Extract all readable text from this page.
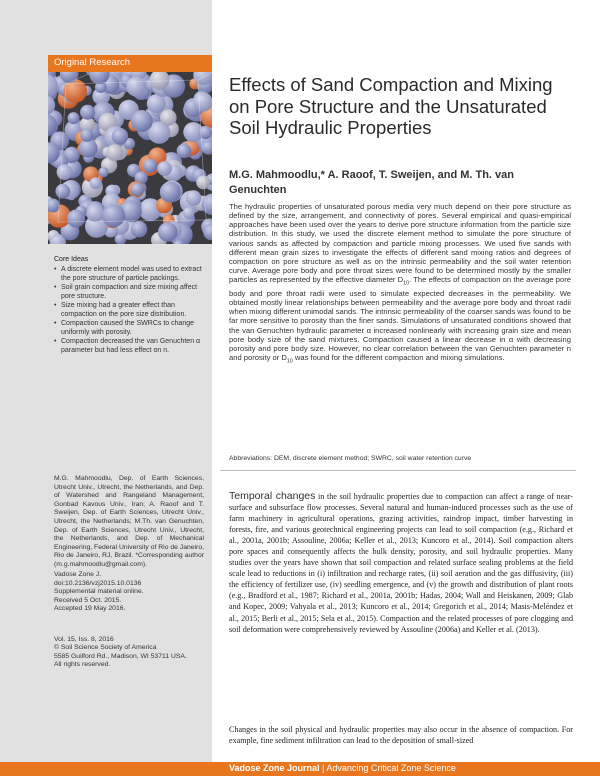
Original Research
Core Ideas
• A discrete element model was used to extract the pore structure of particle packings.
• Soil grain compaction and size mixing affect pore structure.
• Size mixing had a greater effect than compaction on the pore size distribution.
• Compaction caused the SWRCs to change uniformly with porosity.
• Compaction decreased the van Genuchten α parameter but had less effect on n.

M.G. Mahmoodlu, Dep. of Earth Sciences, Utrecht Univ., Utrecht, the Netherlands, and Dep. of Watershed and Rangeland Management, Gonbad Kavous Univ., Iran; A. Raoof and T. Sweijen, Dep. of Earth Sciences, Utrecht Univ., Utrecht, the Netherlands; M.Th. van Genuchten, Dep. of Earth Sciences, Utrecht Univ., Utrecht, the Netherlands, and Dep. of Mechanical Engineering, Federal University of Rio de Janeiro, Rio de Janeiro, RJ, Brazil. *Corresponding author (m.g.mahmoodlu@gmail.com).

Vadose Zone J.
doi:10.2136/vzj2015.10.0136
Supplemental material online.
Received 5 Oct. 2015.
Accepted 19 May 2016.
Vol. 15, Iss. 8, 2016
© Soil Science Society of America
5585 Guilford Rd., Madison, WI 53711 USA.
All rights reserved.
Effects of Sand Compaction and Mixing on Pore Structure and the Unsaturated Soil Hydraulic Properties

M.G. Mahmoodlu,* A. Raoof, T. Sweijen, and M. Th. van Genuchten

The hydraulic properties of unsaturated porous media very much depend on their pore structure as defined by the size, arrangement, and connectivity of pores. Several empirical and quasi-empirical approaches have been used over the years to derive pore structure information from the particle size distribution. In this study, we used the discrete element method to simulate the pore structure of various sands as affected by compaction and particle mixing processes. We used five sands with different mean grain sizes to investigate the effects of different sand mixing ratios and degrees of compaction on pore structure as well as on the intrinsic permeability and the soil water retention curve. Average pore body and pore throat sizes were found to be determined mostly by the smaller particles as represented by the effective diameter $D_{10}$. The effects of compaction on the average pore body and pore throat radii were used to simulate expected decreases in the permeability. We obtained mostly linear relationships between permeability and the average pore body and throat radii when mixing different unimodal sands. The intrinsic permeability of the coarser sands was found to be far more sensitive to porosity than the finer sands. Simulations of unsaturated conditions showed that the van Genuchten hydraulic parameter α increased nonlinearly with increasing grain size and mean pore body size of the sand mixtures. Compaction caused a linear decrease in α with decreasing porosity and pore body size. However, no clear correlation between the van Genuchten parameter n and porosity or $D_{10}$ was found for the different compaction and mixing simulations.

Abbreviations: DEM, discrete element method; SWRC, soil water retention curve

Temporal changes in the soil hydraulic properties due to compaction can affect a range of near-surface and subsurface flow processes. Several natural and human-induced processes such as the use of farm machinery in agricultural operations, grazing activities, raindrop impact, timber harvesting in forests, fire, and various geotechnical engineering projects can lead to soil compaction (e.g., Richard et al., 2001a, 2001b; Assouline, 2006a; Keller et al., 2013; Kuncoro et al., 2014). Soil compaction alters pore spaces and consequently affects the bulk density, porosity, and soil hydraulic properties. Many studies over the years have shown that soil compaction and related surface sealing problems at the field scale lead to reductions in (i) infiltration and recharge rates, (ii) soil aeration and the gas diffusivity, (iii) the efficiency of fertilizer use, (iv) seedling emergence, and (v) the growth and distribution of plant roots (e.g., Bradford et al., 1987; Richard et al., 2001a, 2001b; Hadas, 2004; Wall and Heiskanen, 2009; Glab and Kopec, 2009; Vahyala et al., 2013; Kuncoro et al., 2014; Gregorich et al., 2014; Masis-Meléndez et al., 2015; Berli et al., 2015; Sela et al., 2015). Compaction and the related processes of pore clogging and soil deformation were comprehensively reviewed by Assouline (2006a) and Keller et al. (2013).

Changes in the soil physical and hydraulic properties may also occur in the absence of compaction. For example, fine sediment infiltration can lead to the deposition of small-sized

Vadose Zone Journal | Advancing Critical Zone Science
